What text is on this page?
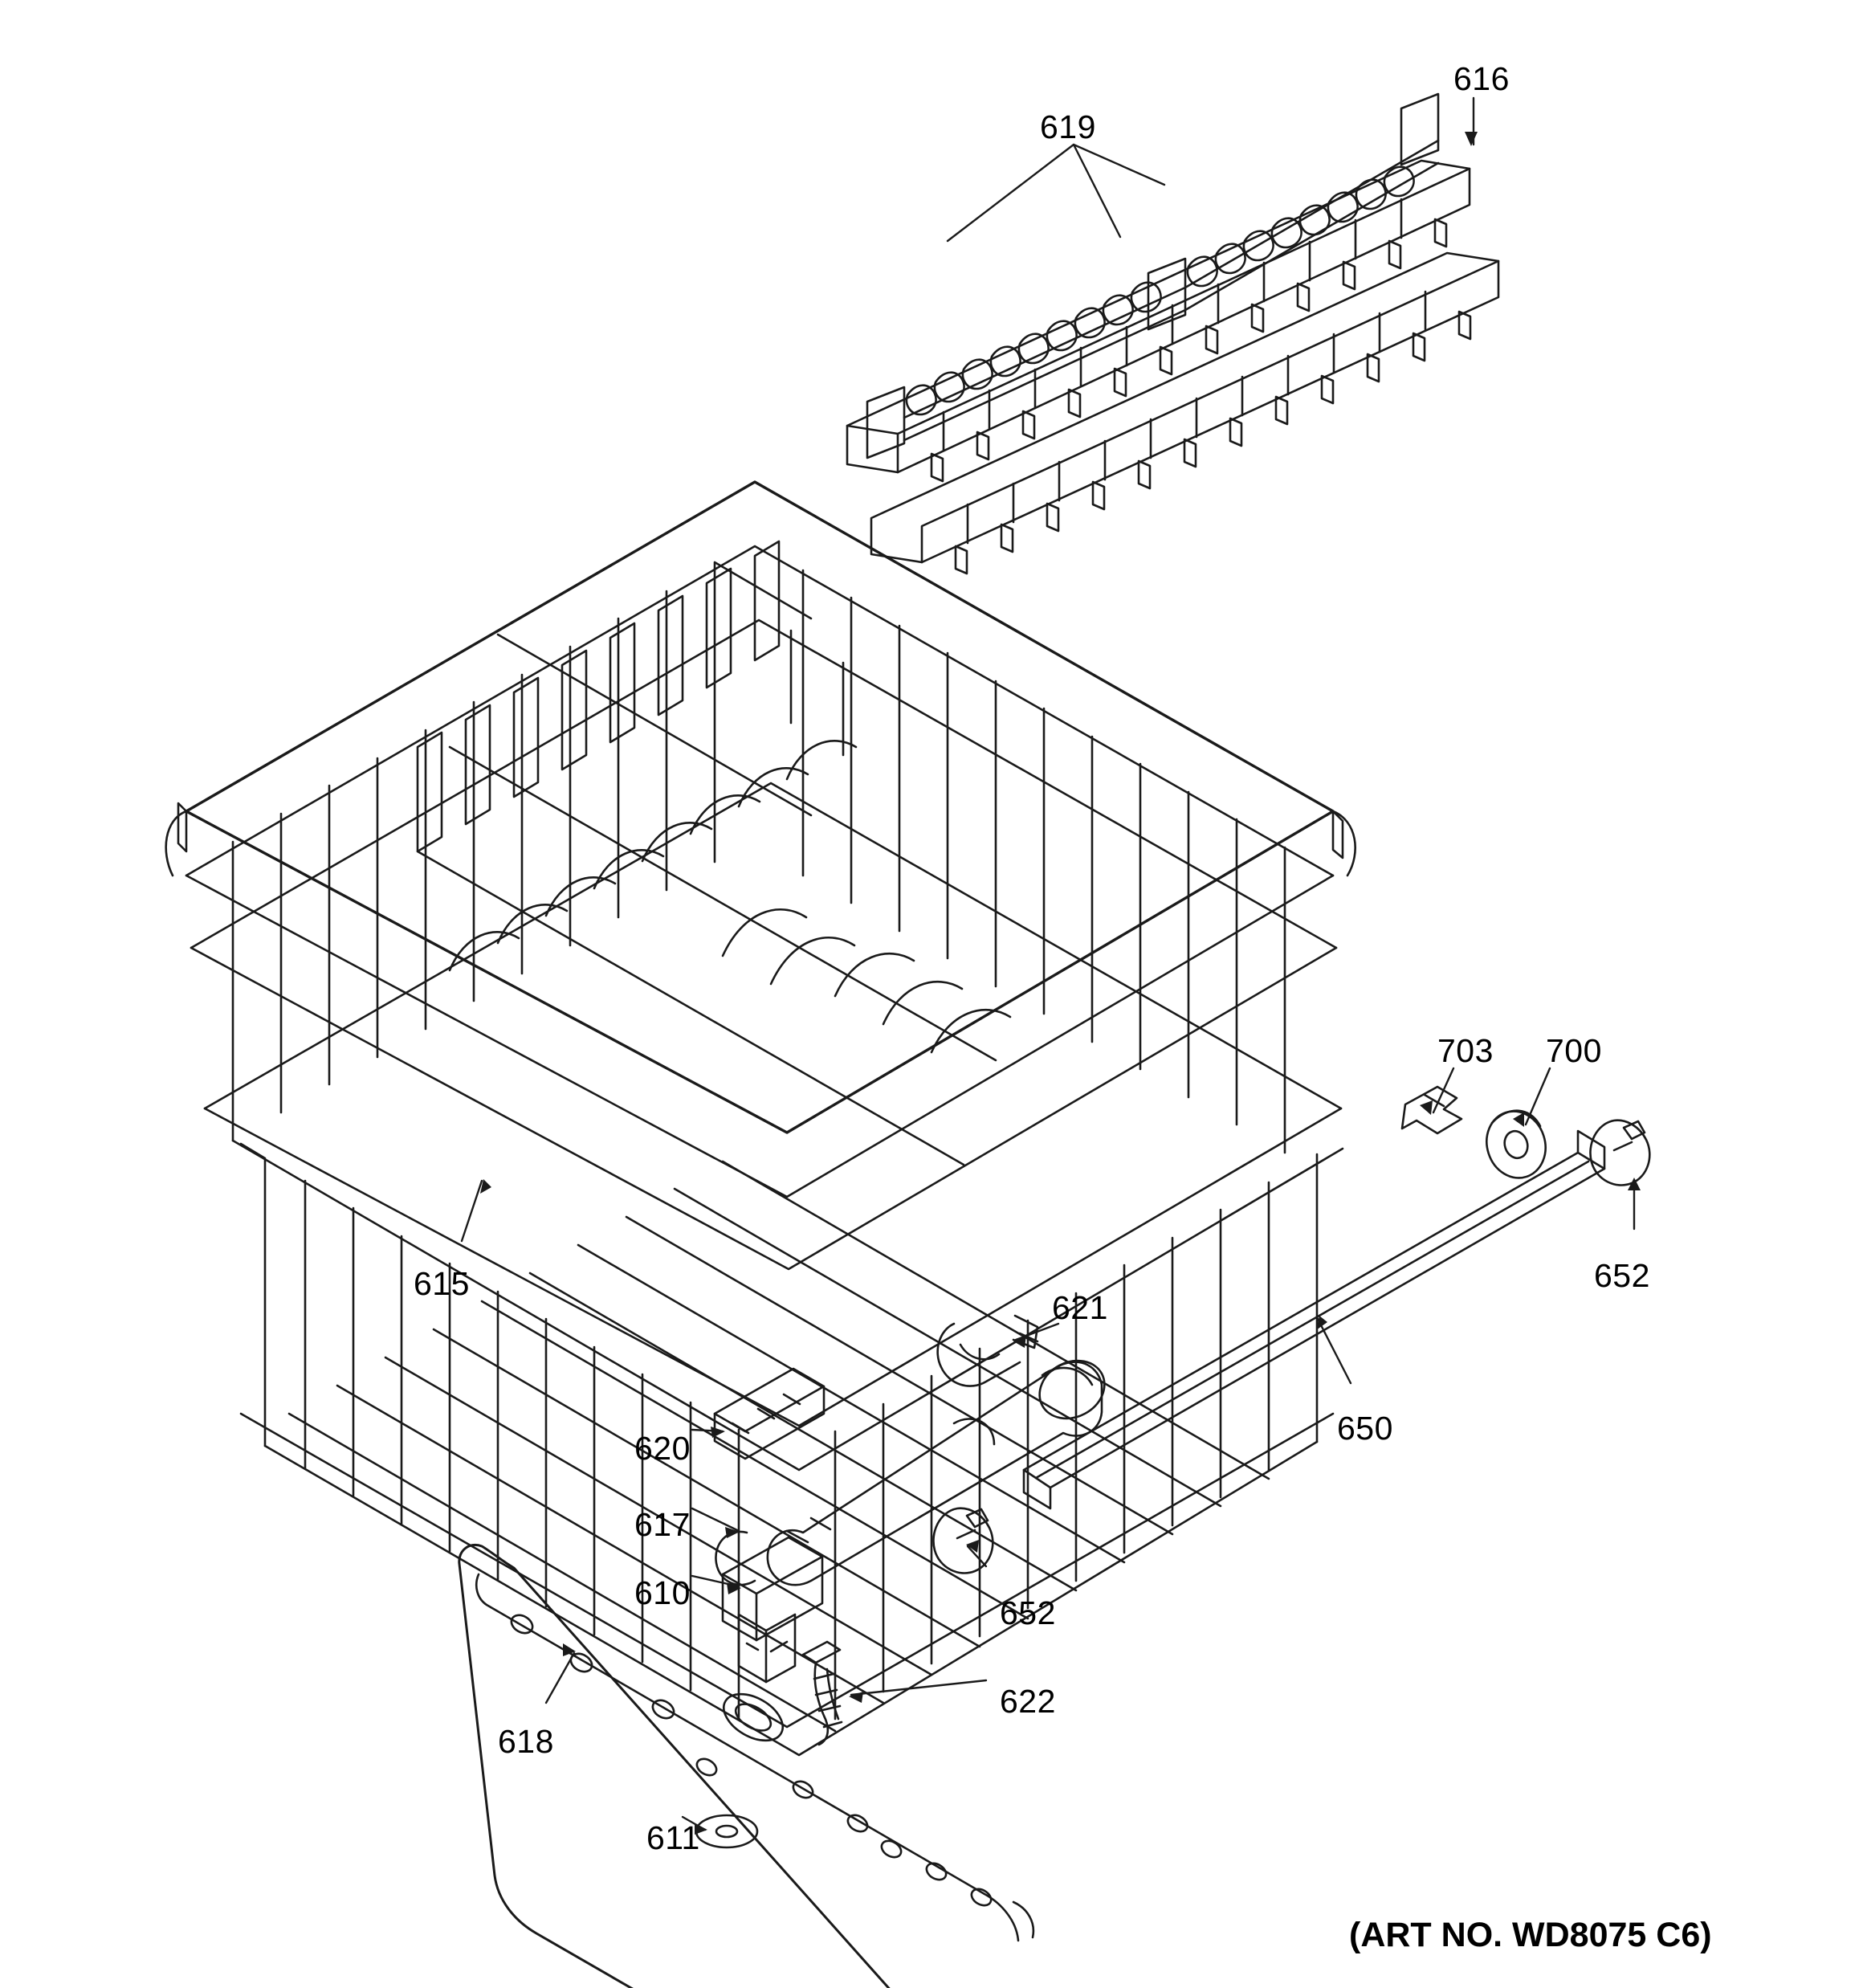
616
619
703 700
652
615
621
650
620
617
610
652
622
618
611
(ART NO. WD8075 C6)
